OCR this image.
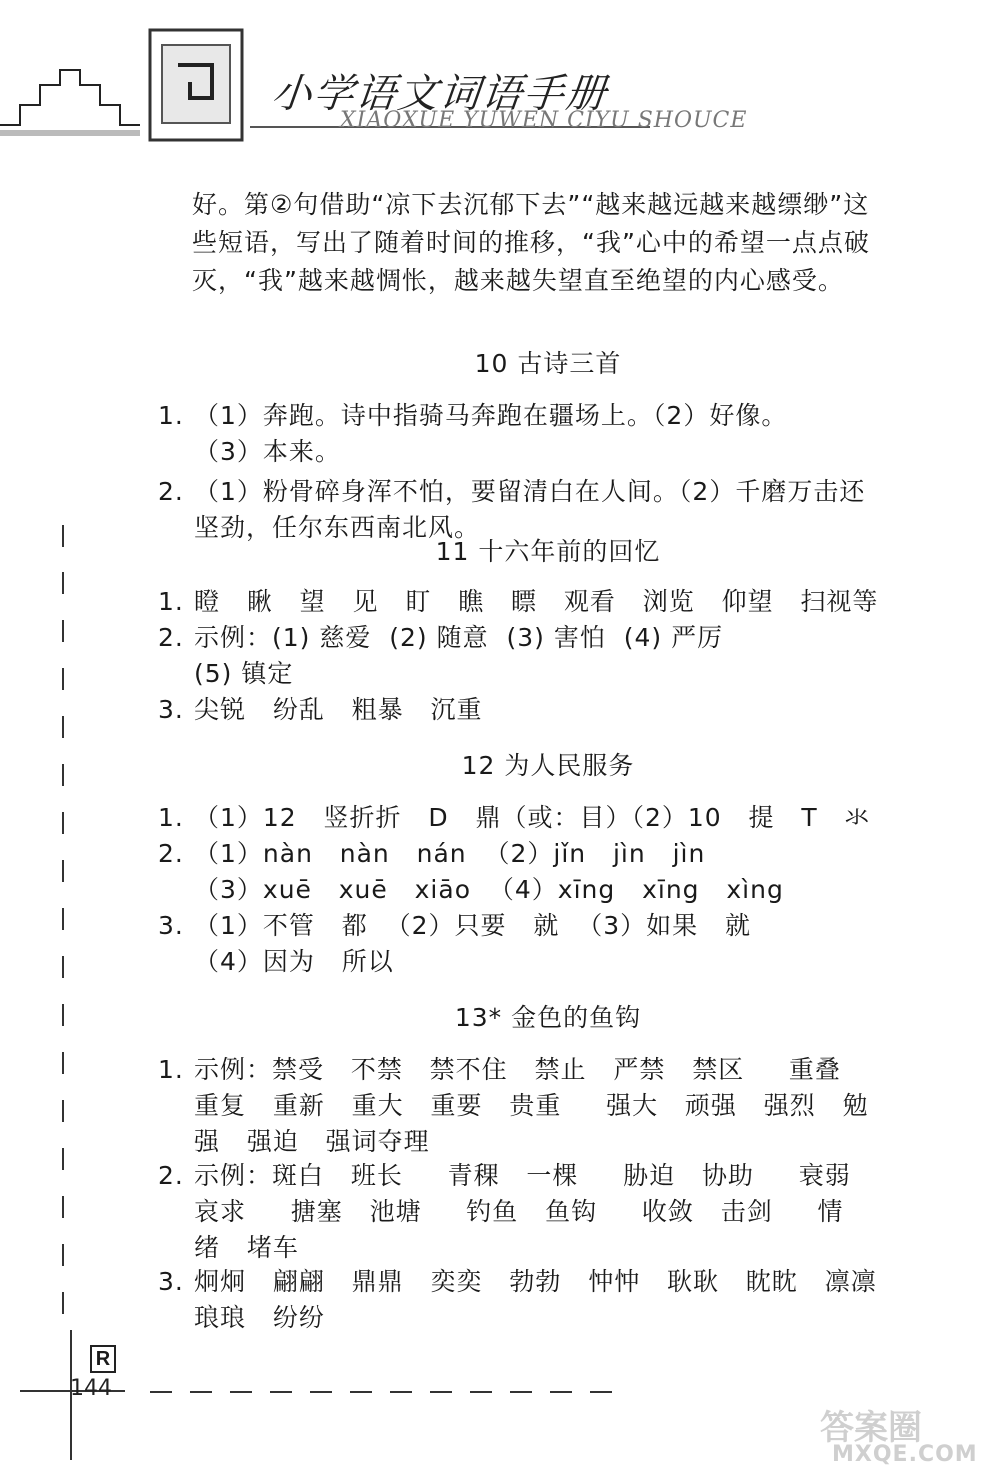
小学语文词语手册
XIAOXUE YUWEN CIYU SHOUCE
好。第②句借助“凉下去沉郁下去”“越来越远越来越缥缈”这
些短语，写出了随着时间的推移，“我”心中的希望一点点破
灭，“我”越来越惆怅，越来越失望直至绝望的内心感受。
10 古诗三首
1. （1）奔跑。诗中指骑马奔跑在疆场上。（2）好像。
（3）本来。
2. （1）粉骨碎身浑不怕，要留清白在人间。（2）千磨万击还
坚劲，任尔东西南北风。
11 十六年前的回忆
1. 瞪   瞅   望   见   盯   瞧   瞟   观看   浏览   仰望   扫视等
2. 示例：(1) 慈爱  (2) 随意  (3) 害怕  (4) 严厉
(5) 镇定
3. 尖锐   纷乱   粗暴   沉重
12 为人民服务
1. （1）12   竖折折   D   鼎（或：目）（2）10   提   T   氺
2. （1）nàn   nàn   nán  （2）jǐn   jìn   jìn
（3）xuē   xuē   xiāo  （4）xīng   xīng   xìng
3. （1）不管   都  （2）只要   就  （3）如果   就
（4）因为   所以
13* 金色的鱼钩
1. 示例：禁受   不禁   禁不住   禁止   严禁   禁区     重叠
重复   重新   重大   重要   贵重     强大   顽强   强烈   勉
强   强迫   强词夺理
2. 示例：斑白   班长     青稞   一棵     胁迫   协助     衰弱
哀求     搪塞   池塘     钓鱼   鱼钩     收敛   击剑     情
绪   堵车
3. 炯炯   翩翩   鼎鼎   奕奕   勃勃   忡忡   耿耿   眈眈   凛凛
琅琅   纷纷
R
144
答案圈
MXQE.COM
